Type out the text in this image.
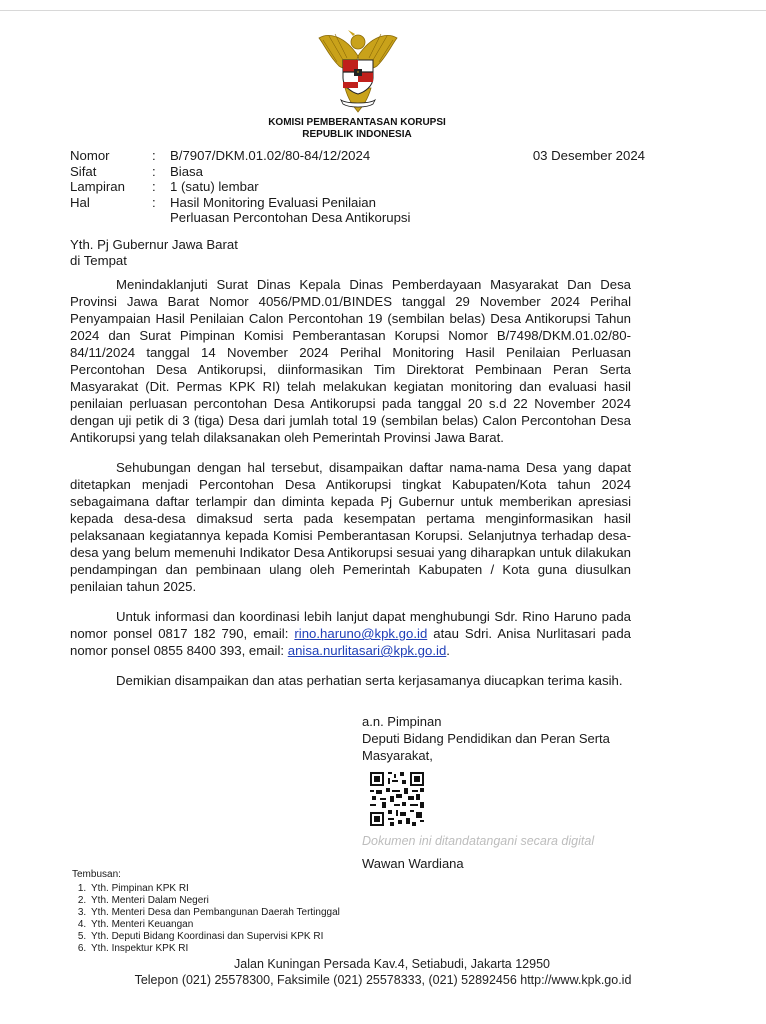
KOMISI PEMBERANTASAN KORUPSI
REPUBLIK INDONESIA
Nomor	:	B/7907/DKM.01.02/80-84/12/2024
Sifat	:	Biasa
Lampiran	:	1 (satu) lembar
Hal	:	Hasil Monitoring Evaluasi Penilaian
Perluasan Percontohan Desa Antikorupsi
03 Desember 2024
Yth. Pj Gubernur Jawa Barat
di Tempat

Menindaklanjuti Surat Dinas Kepala Dinas Pemberdayaan Masyarakat Dan Desa Provinsi Jawa Barat Nomor 4056/PMD.01/BINDES tanggal 29 November 2024 Perihal Penyampaian Hasil Penilaian Calon Percontohan 19 (sembilan belas) Desa Antikorupsi Tahun 2024 dan Surat Pimpinan Komisi Pemberantasan Korupsi Nomor B/7498/DKM.01.02/80-84/11/2024 tanggal 14 November 2024 Perihal Monitoring Hasil Penilaian Perluasan Percontohan Desa Antikorupsi, diinformasikan Tim Direktorat Pembinaan Peran Serta Masyarakat (Dit. Permas KPK RI) telah melakukan kegiatan monitoring dan evaluasi hasil penilaian perluasan percontohan Desa Antikorupsi pada tanggal 20 s.d 22 November 2024 dengan uji petik di 3 (tiga) Desa dari jumlah total 19 (sembilan belas) Calon Percontohan Desa Antikorupsi yang telah dilaksanakan oleh Pemerintah Provinsi Jawa Barat.

Sehubungan dengan hal tersebut, disampaikan daftar nama-nama Desa yang dapat ditetapkan menjadi Percontohan Desa Antikorupsi tingkat Kabupaten/Kota tahun 2024 sebagaimana daftar terlampir dan diminta kepada Pj Gubernur untuk memberikan apresiasi kepada desa-desa dimaksud serta pada kesempatan pertama menginformasikan hasil pelaksanaan kegiatannya kepada Komisi Pemberantasan Korupsi. Selanjutnya terhadap desa-desa yang belum memenuhi Indikator Desa Antikorupsi sesuai yang diharapkan untuk dilakukan pendampingan dan pembinaan ulang oleh Pemerintah Kabupaten / Kota guna diusulkan penilaian tahun 2025.

Untuk informasi dan koordinasi lebih lanjut dapat menghubungi Sdr. Rino Haruno pada nomor ponsel 0817 182 790, email: rino.haruno@kpk.go.id atau Sdri. Anisa Nurlitasari pada nomor ponsel 0855 8400 393, email: anisa.nurlitasari@kpk.go.id.

Demikian disampaikan dan atas perhatian serta kerjasamanya diucapkan terima kasih.

a.n. Pimpinan
Deputi Bidang Pendidikan dan Peran Serta
Masyarakat,
Dokumen ini ditandatangani secara digital
Wawan Wardiana
Tembusan:
1. Yth. Pimpinan KPK RI
2. Yth. Menteri Dalam Negeri
3. Yth. Menteri Desa dan Pembangunan Daerah Tertinggal
4. Yth. Menteri Keuangan
5. Yth. Deputi Bidang Koordinasi dan Supervisi KPK RI
6. Yth. Inspektur KPK RI
Jalan Kuningan Persada Kav.4, Setiabudi, Jakarta 12950
Telepon (021) 25578300, Faksimile (021) 25578333, (021) 52892456 http://www.kpk.go.id
